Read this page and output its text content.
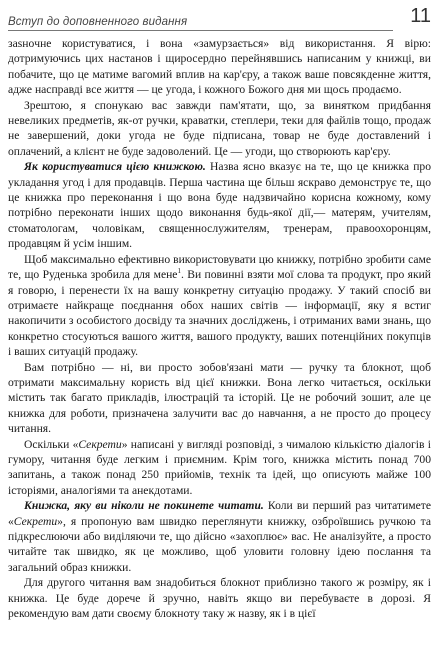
Вступ до доповненного видання	11

зasнoчнe користуватися, і вона «замурзається» від використання. Я вірю: дотримуючись цих настанов і щиросердно перейнявшись написаним у книжці, ви побачите, що це матиме вагомий вплив на кар'єру, а також ваше повсякденне життя, адже насправді все життя — це угода, і кожного Божого дня ми щось продаємо.

Зрештою, я спонукаю вас завжди пам'ятати, що, за винятком придбання невеликих предметів, як-от ручки, краватки, степлери, теки для файлів тощо, продаж не завершений, доки угода не буде підписана, товар не буде доставлений і оплачений, а клієнт не буде задоволений. Це — угоди, що створюють кар'єру.

Як користуватися цією книжкою. Назва ясно вказує на те, що це книжка про укладання угод і для продавців. Перша частина ще більш яскраво демонструє те, що це книжка про переконання і що вона буде надзвичайно корисна кожному, кому потрібно переконати інших щодо виконання будь-якої дії,— матерям, учителям, стоматологам, чоловікам, священнослужителям, тренерам, правоохоронцям, продавцям й усім іншим.

Щоб максимально ефективно використовувати цю книжку, потрібно зробити саме те, що Руденька зробила для мене$^1$. Ви повинні взяти мої слова та продукт, про який я говорю, і перенести їх на вашу конкретну ситуацію продажу. У такий спосіб ви отримаєте найкраще поєднання обох наших світів — інформації, яку я встиг накопичити з особистого досвіду та значних досліджень, і отриманих вами знань, що конкретно стосуються вашого життя, вашого продукту, ваших потенційних покупців і ваших ситуацій продажу.

Вам потрібно — ні, ви просто зобов'язані мати — ручку та блокнот, щоб отримати максимальну користь від цієї книжки. Вона легко читається, оскільки містить так багато прикладів, ілюстрацій та історій. Це не робочий зошит, але це книжка для роботи, призначена залучити вас до навчання, а не просто до процесу читання.

Оскільки «Секрети» написані у вигляді розповіді, з чималою кількістю діалогів і гумору, читання буде легким і приємним. Крім того, книжка містить понад 700 запитань, а також понад 250 прийомів, технік та ідей, що описують майже 100 історіями, аналогіями та анекдотами.

Книжка, яку ви ніколи не покинете читати. Коли ви перший раз читатимете «Секрети», я пропоную вам швидко переглянути книжку, озброївшись ручкою та підкреслюючи або виділяючи те, що дійсно «захоплює» вас. Не аналізуйте, а просто читайте так швидко, як це можливо, щоб уловити головну ідею послання та загальний образ книжки.

Для другого читання вам знадобиться блокнот приблизно такого ж розміру, як і книжка. Це буде дорече й зручно, навіть якщо ви перебуваєте в дорозі. Я рекомендую вам дати своєму блокноту таку ж назву, як і в цієї
